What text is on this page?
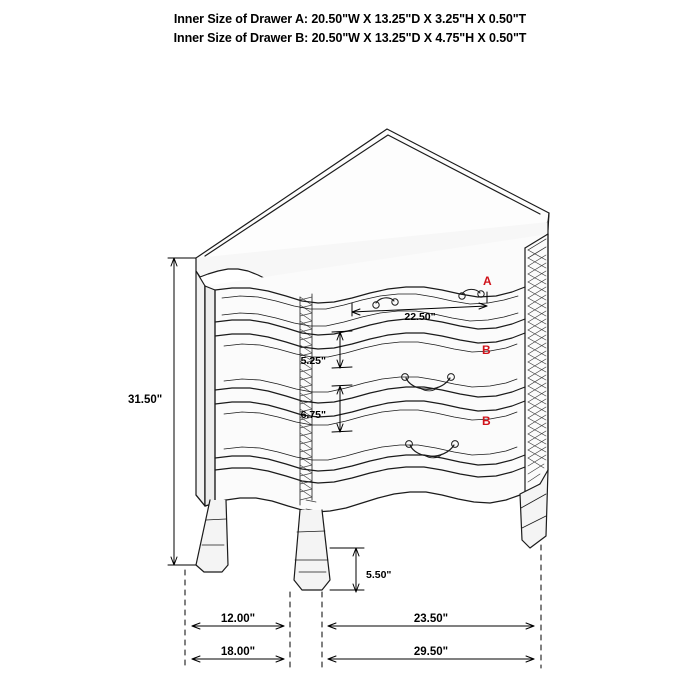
Inner Size of Drawer A: 20.50"W X 13.25"D X 3.25"H X 0.50"T
Inner Size of Drawer B: 20.50"W X 13.25"D X 4.75"H X 0.50"T
31.50"
22.50"
5.25"
6.75"
5.50"
12.00"	23.50"
18.00"	29.50"
A
B
B
